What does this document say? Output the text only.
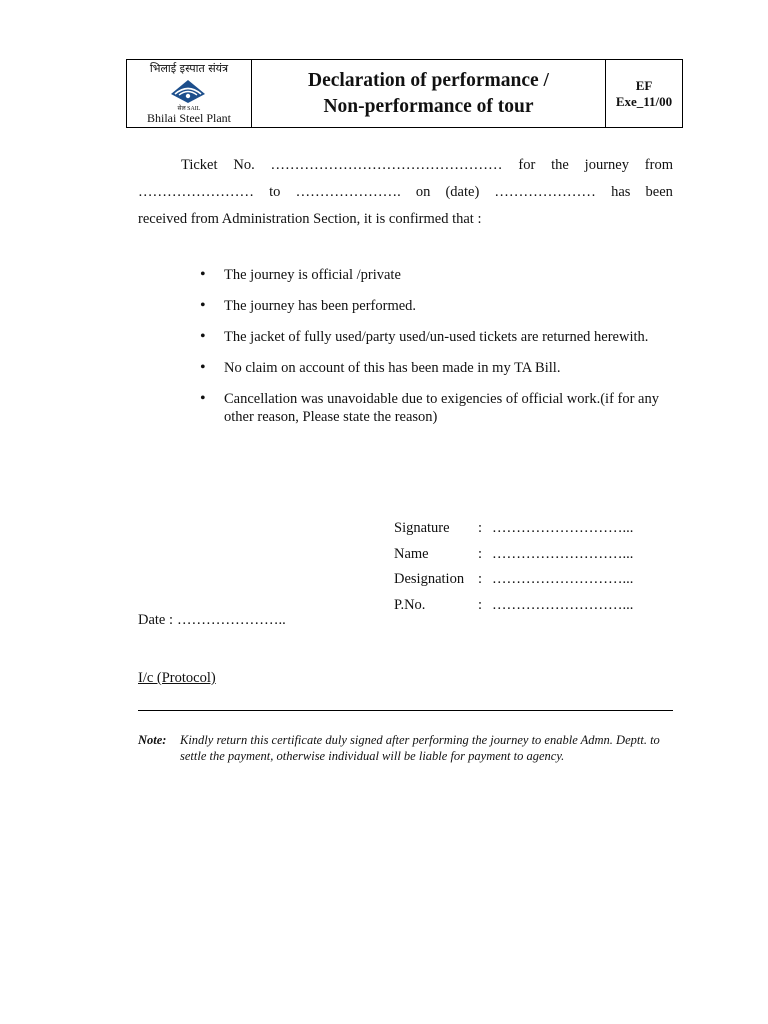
भिलाई इस्पात संयंत्र
सेल SAIL
Bhilai Steel Plant
Declaration of performance /
Non-performance of tour
EF
Exe_11/00
Ticket No. ………………………………………… for the journey from
…………………… to …………………. on (date) ………………… has been
received from Administration Section, it is confirmed that :
• The journey is official /private
• The journey has been performed.
• The jacket of fully used/party used/un-used tickets are returned herewith.
• No claim on account of this has been made in my TA Bill.
• Cancellation was unavoidable due to exigencies of official work.(if for any other reason, Please state the reason)
Signature	: ………………………...
Name	: ………………………...
Designation : ………………………...
P.No.	: ………………………...
Date : …………………..
I/c (Protocol)
Note:	Kindly return this certificate duly signed after performing the journey to enable Admn. Deptt. to settle the payment, otherwise individual will be liable for payment to agency.
